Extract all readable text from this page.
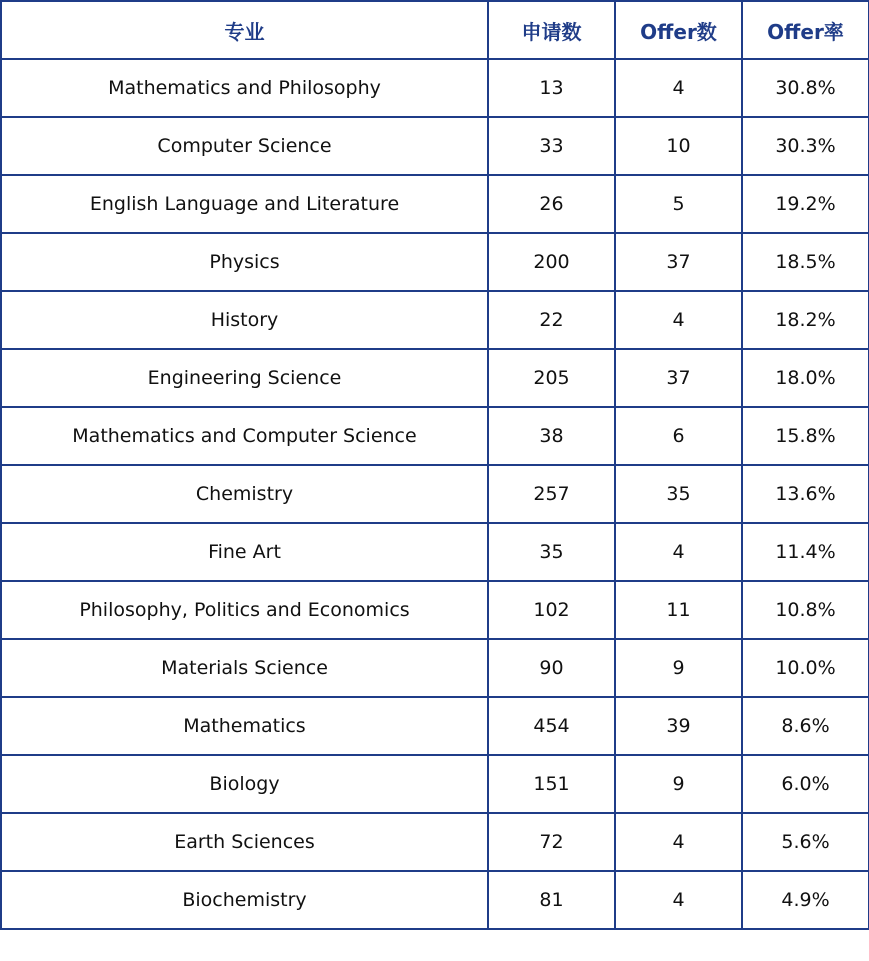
专业	申请数	Offer数	Offer率
Mathematics and Philosophy	13	4	30.8%
Computer Science	33	10	30.3%
English Language and Literature	26	5	19.2%
Physics	200	37	18.5%
History	22	4	18.2%
Engineering Science	205	37	18.0%
Mathematics and Computer Science	38	6	15.8%
Chemistry	257	35	13.6%
Fine Art	35	4	11.4%
Philosophy, Politics and Economics	102	11	10.8%
Materials Science	90	9	10.0%
Mathematics	454	39	8.6%
Biology	151	9	6.0%
Earth Sciences	72	4	5.6%
Biochemistry	81	4	4.9%
